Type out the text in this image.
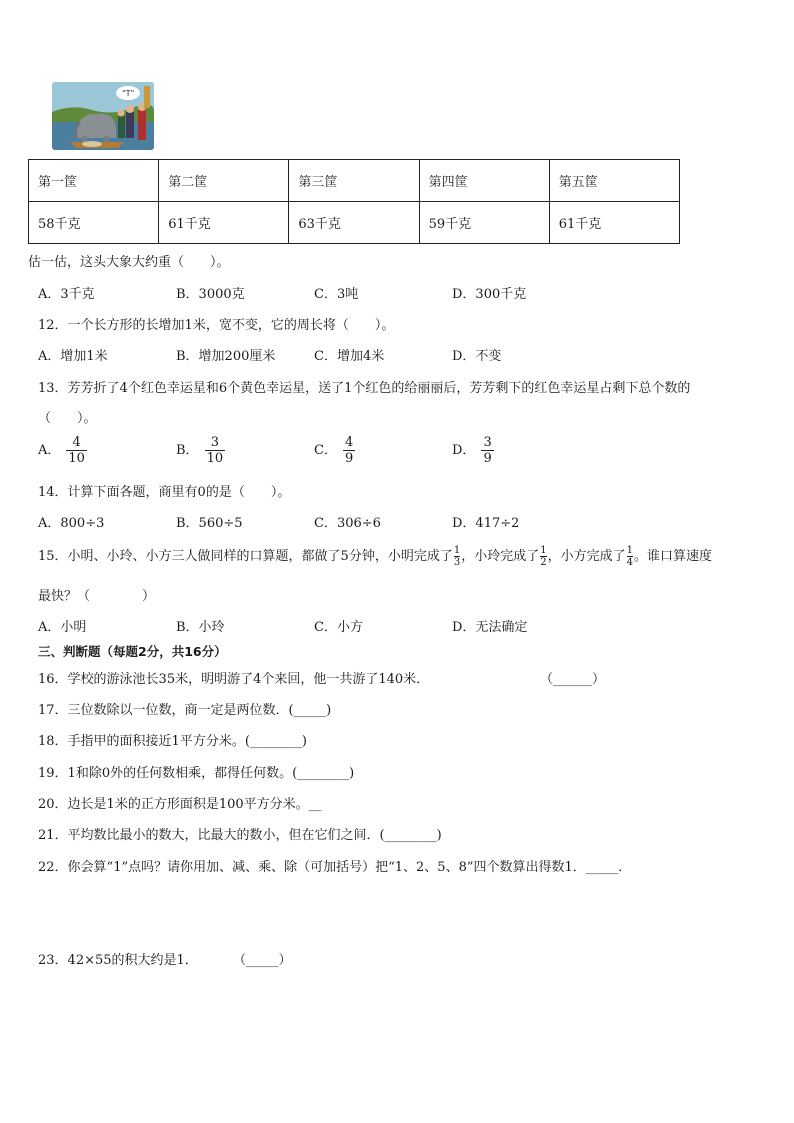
"T"
第一筐	第二筐	第三筐	第四筐	第五筐
58千克	61千克	63千克	59千克	61千克
估一估，这头大象大约重（　　）。
A．3千克	B．3000克	C．3吨	D．300千克
12．一个长方形的长增加1米，宽不变，它的周长将（　　）。
A．增加1米	B．增加200厘米	C．增加4米	D．不变
13．芳芳折了4个红色幸运星和6个黄色幸运星，送了1个红色的给丽丽后，芳芳剩下的红色幸运星占剩下总个数的
（　　）。
A． $\frac{4}{10}$	B． $\frac{3}{10}$	C． $\frac{4}{9}$	D． $\frac{3}{9}$
14．计算下面各题，商里有0的是（　　）。
A．800÷3	B．560÷5	C．306÷6	D．417÷2
15．小明、小玲、小方三人做同样的口算题，都做了5分钟，小明完成了 $\frac{1}{3}$ ，小玲完成了 $\frac{1}{2}$ ，小方完成了 $\frac{1}{4}$ 。谁口算速度
最快？（　　　　）
A．小明	B．小玲	C．小方	D．无法确定
三、判断题（每题2分，共16分）
16．学校的游泳池长35米，明明游了4个来回，他一共游了140米．	（______）
17．三位数除以一位数，商一定是两位数．(_____)
18．手指甲的面积接近1平方分米。(________)
19．1和除0外的任何数相乘，都得任何数。(________)
20．边长是1米的正方形面积是100平方分米。__
21．平均数比最小的数大，比最大的数小，但在它们之间．(________)
22．你会算“1”点吗？请你用加、减、乘、除（可加括号）把“1、2、5、8”四个数算出得数1．_____．
23．42×55的积大约是1．	（_____）
